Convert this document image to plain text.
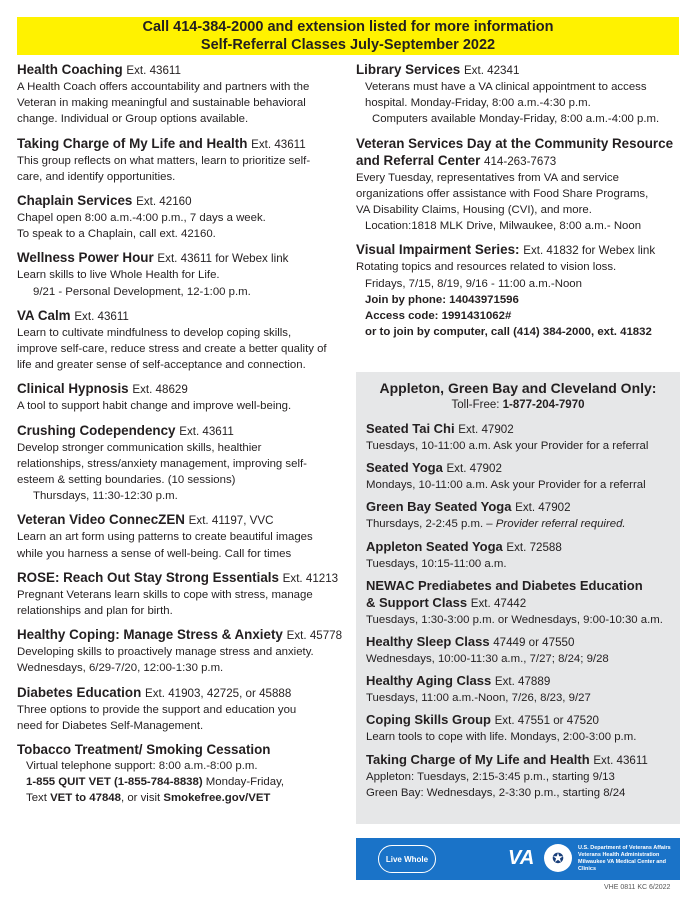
Call 414-384-2000 and extension listed for more information
Self-Referral Classes July-September 2022
Health Coaching Ext. 43611
A Health Coach offers accountability and partners with the
Veteran in making meaningful and sustainable behavioral
change. Individual or Group options available.
Taking Charge of My Life and Health Ext. 43611
This group reflects on what matters, learn to prioritize self-
care, and identify opportunities.
Chaplain Services Ext. 42160
Chapel open 8:00 a.m.-4:00 p.m., 7 days a week.
To speak to a Chaplain, call ext. 42160.
Wellness Power Hour Ext. 43611 for Webex link
Learn skills to live Whole Health for Life.
9/21 - Personal Development, 12-1:00 p.m.
VA Calm Ext. 43611
Learn to cultivate mindfulness to develop coping skills,
improve self-care, reduce stress and create a better quality of
life and greater sense of self-acceptance and connection.
Clinical Hypnosis Ext. 48629
A tool to support habit change and improve well-being.
Crushing Codependency Ext. 43611
Develop stronger communication skills, healthier
relationships, stress/anxiety management, improving self-
esteem & setting boundaries. (10 sessions)
Thursdays, 11:30-12:30 p.m.
Veteran Video ConnecZEN Ext. 41197, VVC
Learn an art form using patterns to create beautiful images
while you harness a sense of well-being. Call for times
ROSE: Reach Out Stay Strong Essentials Ext. 41213
Pregnant Veterans learn skills to cope with stress, manage
relationships and plan for birth.
Healthy Coping: Manage Stress & Anxiety Ext. 45778
Developing skills to proactively manage stress and anxiety.
Wednesdays, 6/29-7/20, 12:00-1:30 p.m.
Diabetes Education Ext. 41903, 42725, or 45888
Three options to provide the support and education you
need for Diabetes Self-Management.
Tobacco Treatment/ Smoking Cessation
Virtual telephone support: 8:00 a.m.-8:00 p.m.
1-855 QUIT VET (1-855-784-8838) Monday-Friday,
Text VET to 47848, or visit Smokefree.gov/VET
Library Services Ext. 42341
Veterans must have a VA clinical appointment to access
hospital. Monday-Friday, 8:00 a.m.-4:30 p.m.
Computers available Monday-Friday, 8:00 a.m.-4:00 p.m.
Veteran Services Day at the Community Resource
and Referral Center 414-263-7673
Every Tuesday, representatives from VA and service
organizations offer assistance with Food Share Programs,
VA Disability Claims, Housing (CVI), and more.
Location:1818 MLK Drive, Milwaukee, 8:00 a.m.- Noon
Visual Impairment Series: Ext. 41832 for Webex link
Rotating topics and resources related to vision loss.
Fridays, 7/15, 8/19, 9/16 - 11:00 a.m.-Noon
Join by phone: 14043971596
Access code: 1991431062#
or to join by computer, call (414) 384-2000, ext. 41832
Appleton, Green Bay and Cleveland Only:
Toll-Free: 1-877-204-7970
Seated Tai Chi Ext. 47902
Tuesdays, 10-11:00 a.m. Ask your Provider for a referral
Seated Yoga Ext. 47902
Mondays, 10-11:00 a.m. Ask your Provider for a referral
Green Bay Seated Yoga Ext. 47902
Thursdays, 2-2:45 p.m. – Provider referral required.
Appleton Seated Yoga Ext. 72588
Tuesdays, 10:15-11:00 a.m.
NEWAC Prediabetes and Diabetes Education
& Support Class Ext. 47442
Tuesdays, 1:30-3:00 p.m. or Wednesdays, 9:00-10:30 a.m.
Healthy Sleep Class 47449 or 47550
Wednesdays, 10:00-11:30 a.m., 7/27; 8/24; 9/28
Healthy Aging Class Ext. 47889
Tuesdays, 11:00 a.m.-Noon, 7/26, 8/23, 9/27
Coping Skills Group Ext. 47551 or 47520
Learn tools to cope with life. Mondays, 2:00-3:00 p.m.
Taking Charge of My Life and Health Ext. 43611
Appleton: Tuesdays, 2:15-3:45 p.m., starting 9/13
Green Bay: Wednesdays, 2-3:30 p.m., starting 8/24
Live Whole Health.
VA	✪
U.S. Department of Veterans Affairs
Veterans Health Administration
Milwaukee VA Medical Center and Clinics
VHE 0811 KC 6/2022
